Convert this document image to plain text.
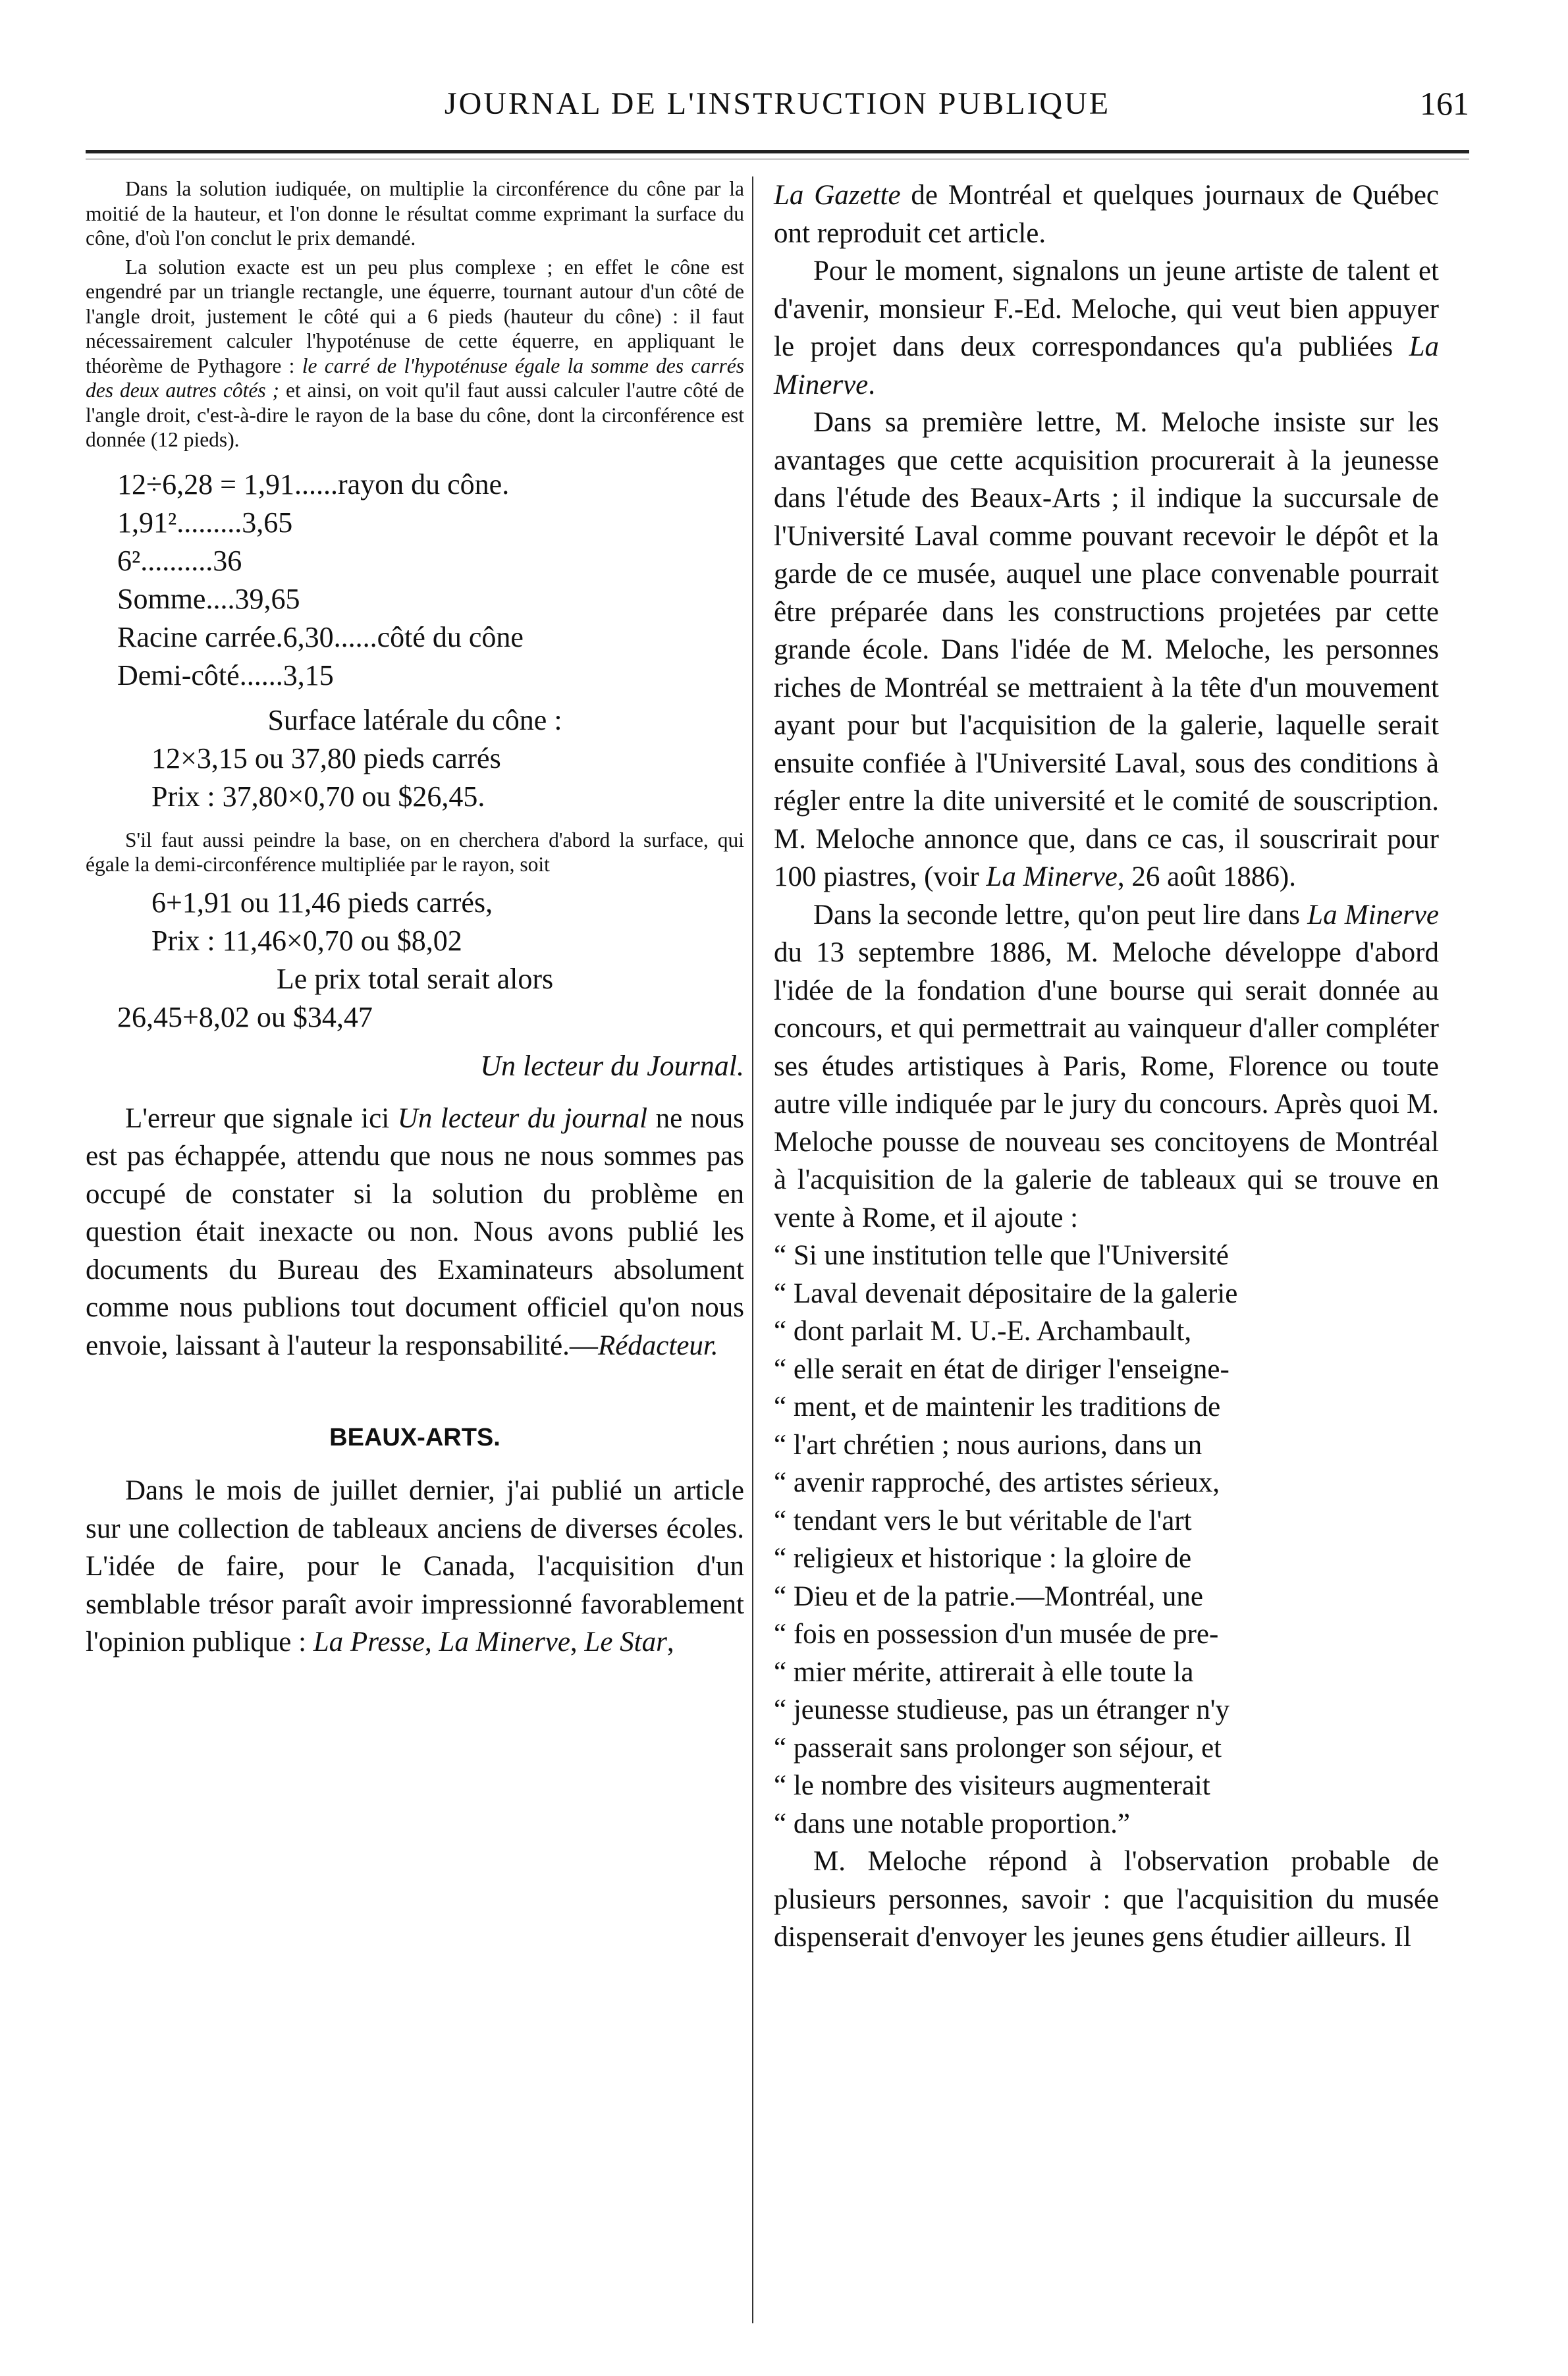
JOURNAL DE L'INSTRUCTION PUBLIQUE	161

Dans la solution iudiquée, on multiplie la circonférence du cône par la moitié de la hauteur, et l'on donne le résultat comme exprimant la surface du cône, d'où l'on conclut le prix demandé.

La solution exacte est un peu plus complexe ; en effet le cône est engendré par un triangle rectangle, une équerre, tournant autour d'un côté de l'angle droit, justement le côté qui a 6 pieds (hauteur du cône) : il faut nécessairement calculer l'hypoténuse de cette équerre, en appliquant le théorème de Pythagore : le carré de l'hypoténuse égale la somme des carrés des deux autres côtés ; et ainsi, on voit qu'il faut aussi calculer l'autre côté de l'angle droit, c'est-à-dire le rayon de la base du cône, dont la circonférence est donnée (12 pieds).

12÷6,28 = 1,91......rayon du cône.
1,91².........3,65
6²..........36
Somme....39,65
Racine carrée.6,30......côté du cône
Demi-côté......3,15
Surface latérale du cône :
12×3,15 ou 37,80 pieds carrés
Prix : 37,80×0,70 ou $26,45.

S'il faut aussi peindre la base, on en cherchera d'abord la surface, qui égale la demi-circonférence multipliée par le rayon, soit

6+1,91 ou 11,46 pieds carrés,
Prix : 11,46×0,70 ou $8,02
Le prix total serait alors
26,45+8,02 ou $34,47
Un lecteur du Journal.

L'erreur que signale ici Un lecteur du journal ne nous est pas échappée, attendu que nous ne nous sommes pas occupé de constater si la solution du problème en question était inexacte ou non. Nous avons publié les documents du Bureau des Examinateurs absolument comme nous publions tout document officiel qu'on nous envoie, laissant à l'auteur la responsabilité.—Rédacteur.

BEAUX-ARTS.

Dans le mois de juillet dernier, j'ai publié un article sur une collection de tableaux anciens de diverses écoles. L'idée de faire, pour le Canada, l'acquisition d'un semblable trésor paraît avoir impressionné favorablement l'opinion publique : La Presse, La Minerve, Le Star,

La Gazette de Montréal et quelques journaux de Québec ont reproduit cet article.

Pour le moment, signalons un jeune artiste de talent et d'avenir, monsieur F.-Ed. Meloche, qui veut bien appuyer le projet dans deux correspondances qu'a publiées La Minerve.

Dans sa première lettre, M. Meloche insiste sur les avantages que cette acquisition procurerait à la jeunesse dans l'étude des Beaux-Arts ; il indique la succursale de l'Université Laval comme pouvant recevoir le dépôt et la garde de ce musée, auquel une place convenable pourrait être préparée dans les constructions projetées par cette grande école. Dans l'idée de M. Meloche, les personnes riches de Montréal se mettraient à la tête d'un mouvement ayant pour but l'acquisition de la galerie, laquelle serait ensuite confiée à l'Université Laval, sous des conditions à régler entre la dite université et le comité de souscription. M. Meloche annonce que, dans ce cas, il souscrirait pour 100 piastres, (voir La Minerve, 26 août 1886).

Dans la seconde lettre, qu'on peut lire dans La Minerve du 13 septembre 1886, M. Meloche développe d'abord l'idée de la fondation d'une bourse qui serait donnée au concours, et qui permettrait au vainqueur d'aller compléter ses études artistiques à Paris, Rome, Florence ou toute autre ville indiquée par le jury du concours. Après quoi M. Meloche pousse de nouveau ses concitoyens de Montréal à l'acquisition de la galerie de tableaux qui se trouve en vente à Rome, et il ajoute :

“ Si une institution telle que l'Université
“ Laval devenait dépositaire de la galerie
“ dont parlait M. U.-E. Archambault,
“ elle serait en état de diriger l'enseigne-
“ ment, et de maintenir les traditions de
“ l'art chrétien ; nous aurions, dans un
“ avenir rapproché, des artistes sérieux,
“ tendant vers le but véritable de l'art
“ religieux et historique : la gloire de
“ Dieu et de la patrie.—Montréal, une
“ fois en possession d'un musée de pre-
“ mier mérite, attirerait à elle toute la
“ jeunesse studieuse, pas un étranger n'y
“ passerait sans prolonger son séjour, et
“ le nombre des visiteurs augmenterait
“ dans une notable proportion.”

M. Meloche répond à l'observation probable de plusieurs personnes, savoir : que l'acquisition du musée dispenserait d'envoyer les jeunes gens étudier ailleurs. Il
